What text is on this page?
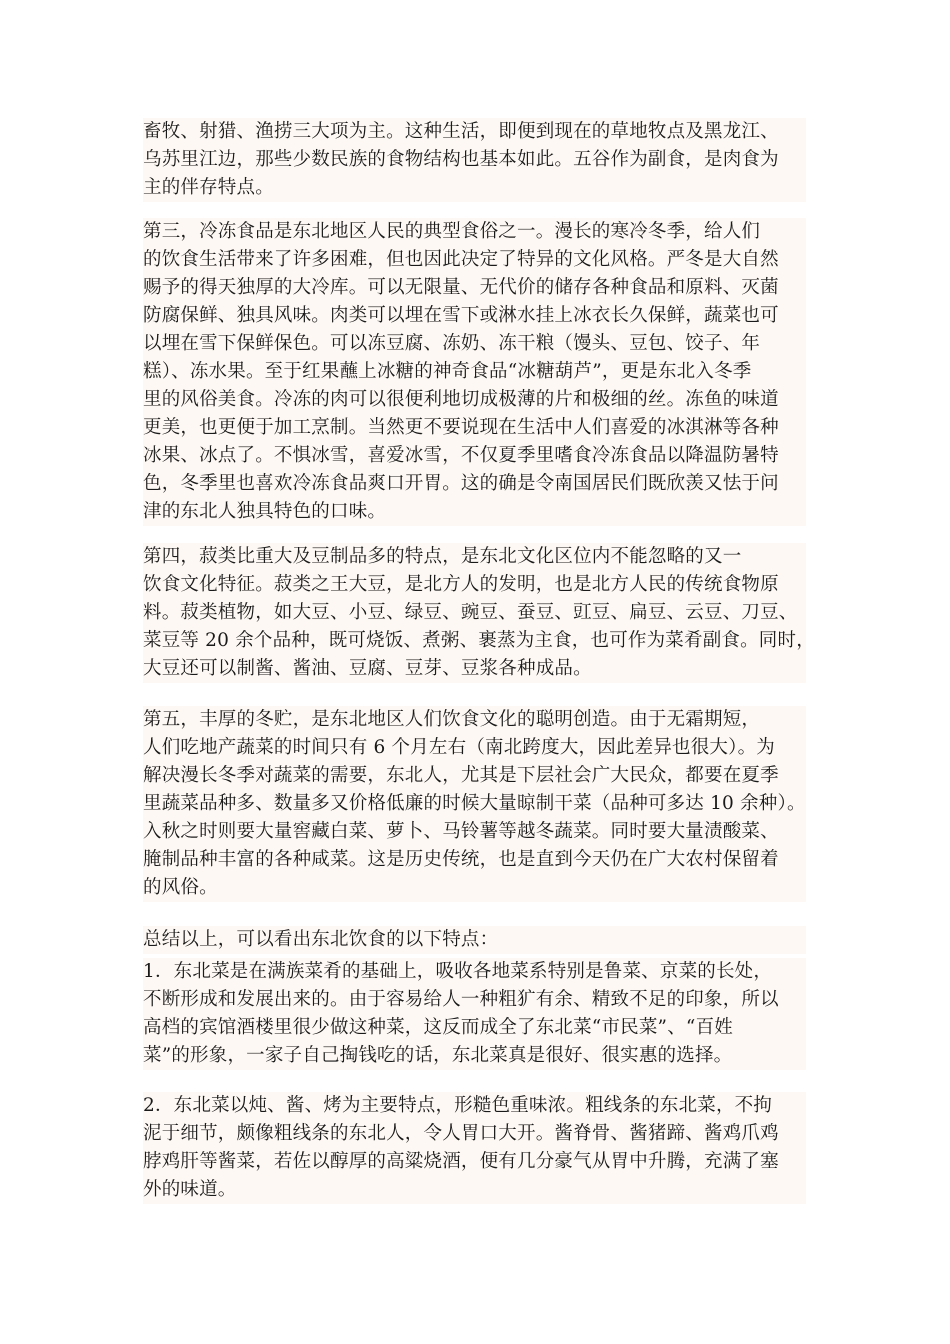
畜牧、射猎、渔捞三大项为主。这种生活，即便到现在的草地牧点及黑龙江、
乌苏里江边，那些少数民族的食物结构也基本如此。五谷作为副食，是肉食为
主的伴存特点。
第三，冷冻食品是东北地区人民的典型食俗之一。漫长的寒冷冬季，给人们
的饮食生活带来了许多困难，但也因此决定了特异的文化风格。严冬是大自然
赐予的得天独厚的大冷库。可以无限量、无代价的储存各种食品和原料、灭菌
防腐保鲜、独具风味。肉类可以埋在雪下或淋水挂上冰衣长久保鲜，蔬菜也可
以埋在雪下保鲜保色。可以冻豆腐、冻奶、冻干粮（馒头、豆包、饺子、年
糕）、冻水果。至于红果蘸上冰糖的神奇食品“冰糖葫芦”，更是东北入冬季
里的风俗美食。冷冻的肉可以很便利地切成极薄的片和极细的丝。冻鱼的味道
更美，也更便于加工烹制。当然更不要说现在生活中人们喜爱的冰淇淋等各种
冰果、冰点了。不惧冰雪，喜爱冰雪，不仅夏季里嗜食冷冻食品以降温防暑特
色，冬季里也喜欢冷冻食品爽口开胃。这的确是令南国居民们既欣羡又怯于问
津的东北人独具特色的口味。
第四，菽类比重大及豆制品多的特点，是东北文化区位内不能忽略的又一
饮食文化特征。菽类之王大豆，是北方人的发明，也是北方人民的传统食物原
料。菽类植物，如大豆、小豆、绿豆、豌豆、蚕豆、豇豆、扁豆、云豆、刀豆、
菜豆等 20 余个品种，既可烧饭、煮粥、裹蒸为主食，也可作为菜肴副食。同时，
大豆还可以制酱、酱油、豆腐、豆芽、豆浆各种成品。
第五，丰厚的冬贮，是东北地区人们饮食文化的聪明创造。由于无霜期短，
人们吃地产蔬菜的时间只有 6 个月左右（南北跨度大，因此差异也很大）。为
解决漫长冬季对蔬菜的需要，东北人，尤其是下层社会广大民众，都要在夏季
里蔬菜品种多、数量多又价格低廉的时候大量晾制干菜（品种可多达 10 余种）。
入秋之时则要大量窖藏白菜、萝卜、马铃薯等越冬蔬菜。同时要大量渍酸菜、
腌制品种丰富的各种咸菜。这是历史传统，也是直到今天仍在广大农村保留着
的风俗。
总结以上，可以看出东北饮食的以下特点：
1．东北菜是在满族菜肴的基础上，吸收各地菜系特别是鲁菜、京菜的长处，
不断形成和发展出来的。由于容易给人一种粗犷有余、精致不足的印象，所以
高档的宾馆酒楼里很少做这种菜，这反而成全了东北菜“市民菜”、“百姓
菜”的形象，一家子自己掏钱吃的话，东北菜真是很好、很实惠的选择。
2．东北菜以炖、酱、烤为主要特点，形糙色重味浓。粗线条的东北菜，不拘
泥于细节，颇像粗线条的东北人，令人胃口大开。酱脊骨、酱猪蹄、酱鸡爪鸡
脖鸡肝等酱菜，若佐以醇厚的高粱烧酒，便有几分豪气从胃中升腾，充满了塞
外的味道。
